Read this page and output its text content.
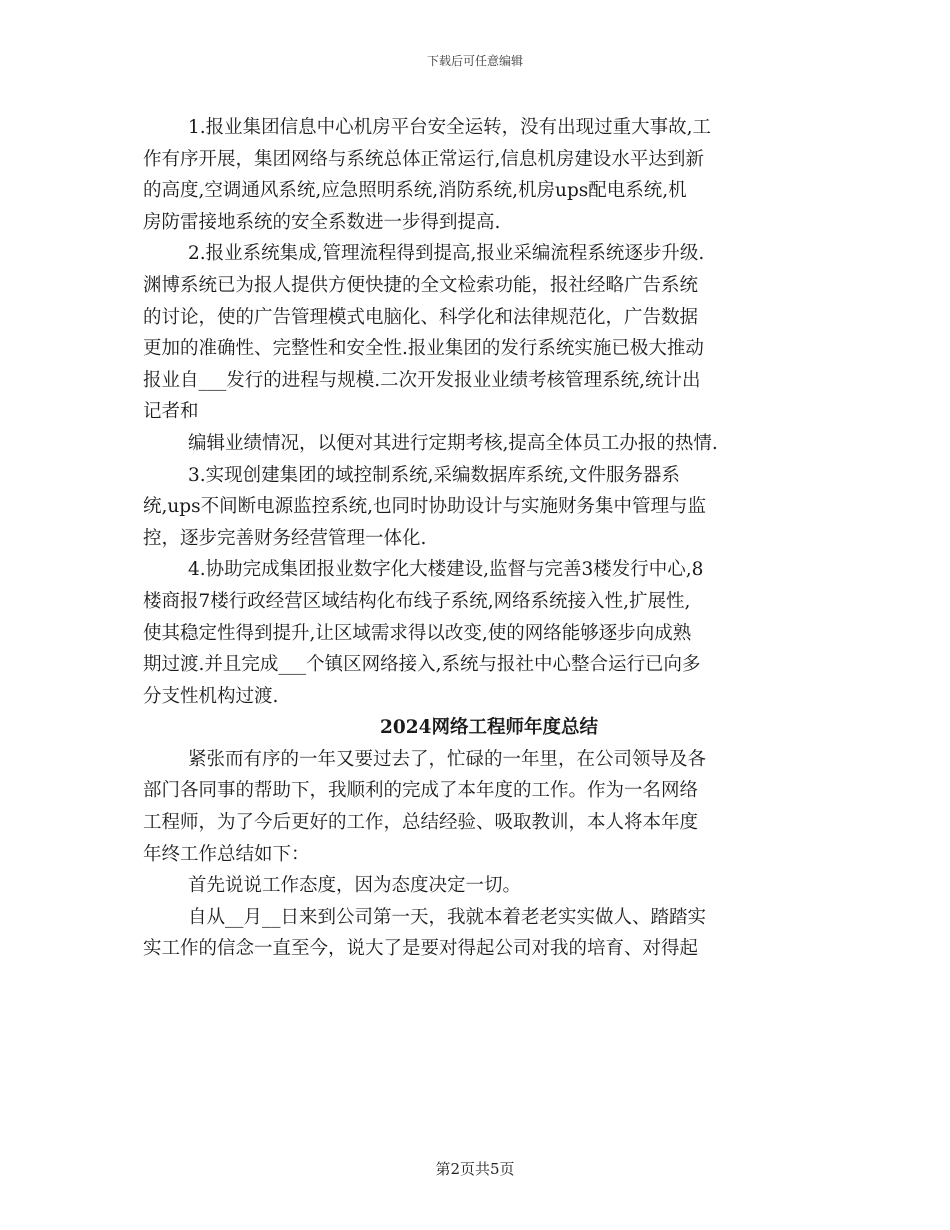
下载后可任意编辑
1.报业集团信息中心机房平台安全运转，没有出现过重大事故,工
作有序开展，集团网络与系统总体正常运行,信息机房建设水平达到新
的高度,空调通风系统,应急照明系统,消防系统,机房ups配电系统,机
房防雷接地系统的安全系数进一步得到提高.
2.报业系统集成,管理流程得到提高,报业采编流程系统逐步升级.
渊博系统已为报人提供方便快捷的全文检索功能，报社经略广告系统
的讨论，使的广告管理模式电脑化、科学化和法律规范化，广告数据
更加的准确性、完整性和安全性.报业集团的发行系统实施已极大推动
报业自___发行的进程与规模.二次开发报业业绩考核管理系统,统计出
记者和
编辑业绩情况，以便对其进行定期考核,提高全体员工办报的热情.
3.实现创建集团的域控制系统,采编数据库系统,文件服务器系
统,ups不间断电源监控系统,也同时协助设计与实施财务集中管理与监
控，逐步完善财务经营管理一体化.
4.协助完成集团报业数字化大楼建设,监督与完善3楼发行中心,8
楼商报7楼行政经营区域结构化布线子系统,网络系统接入性,扩展性,
使其稳定性得到提升,让区域需求得以改变,使的网络能够逐步向成熟
期过渡.并且完成___个镇区网络接入,系统与报社中心整合运行已向多
分支性机构过渡.
2024网络工程师年度总结
紧张而有序的一年又要过去了，忙碌的一年里，在公司领导及各
部门各同事的帮助下，我顺利的完成了本年度的工作。作为一名网络
工程师，为了今后更好的工作，总结经验、吸取教训，本人将本年度
年终工作总结如下：
首先说说工作态度，因为态度决定一切。
自从__月__日来到公司第一天，我就本着老老实实做人、踏踏实
实工作的信念一直至今，说大了是要对得起公司对我的培育、对得起
第2页共5页
